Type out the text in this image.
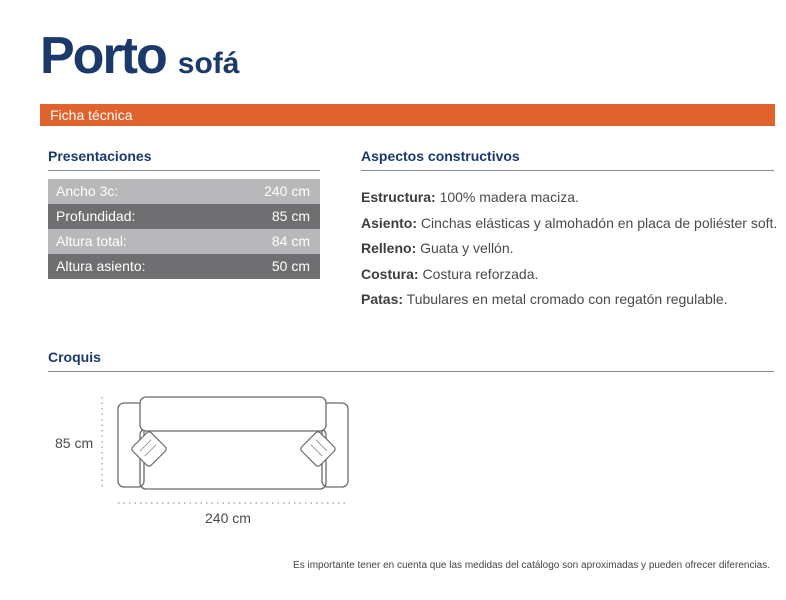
Porto sofá
Ficha técnica
Presentaciones
Ancho 3c:	240 cm
Profundidad:	85 cm
Altura total:	84 cm
Altura asiento:	50 cm
Aspectos constructivos
Estructura: 100% madera maciza.
Asiento: Cinchas elásticas y almohadón en placa de poliéster soft.
Relleno: Guata y vellón.
Costura: Costura reforzada.
Patas: Tubulares en metal cromado con regatón regulable.
Croquis
85 cm
240 cm
Es importante tener en cuenta que las medidas del catálogo son aproximadas y pueden ofrecer diferencias.
